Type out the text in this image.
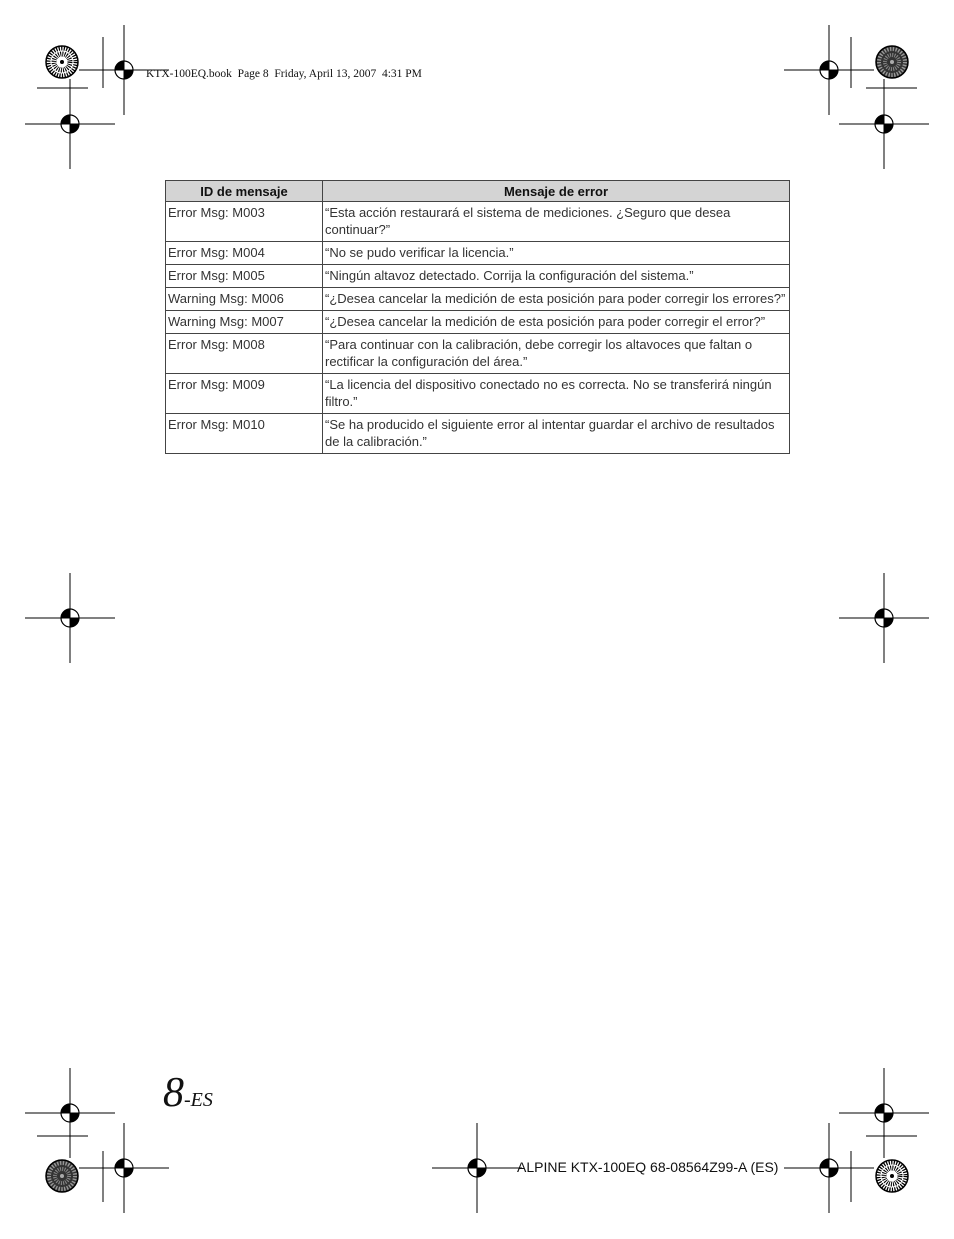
KTX-100EQ.book  Page 8  Friday, April 13, 2007  4:31 PM
ID de mensaje	Mensaje de error
Error Msg: M003	“Esta acción restaurará el sistema de mediciones. ¿Seguro que desea continuar?”
Error Msg: M004	“No se pudo verificar la licencia.”
Error Msg: M005	“Ningún altavoz detectado. Corrija la configuración del sistema.”
Warning Msg: M006	“¿Desea cancelar la medición de esta posición para poder corregir los errores?”
Warning Msg: M007	“¿Desea cancelar la medición de esta posición para poder corregir el error?”
Error Msg: M008	“Para continuar con la calibración, debe corregir los altavoces que faltan o rectificar la configuración del área.”
Error Msg: M009	“La licencia del dispositivo conectado no es correcta. No se transferirá ningún filtro.”
Error Msg: M010	“Se ha producido el siguiente error al intentar guardar el archivo de resultados de la calibración.”
8-ES
ALPINE KTX-100EQ 68-08564Z99-A (ES)
